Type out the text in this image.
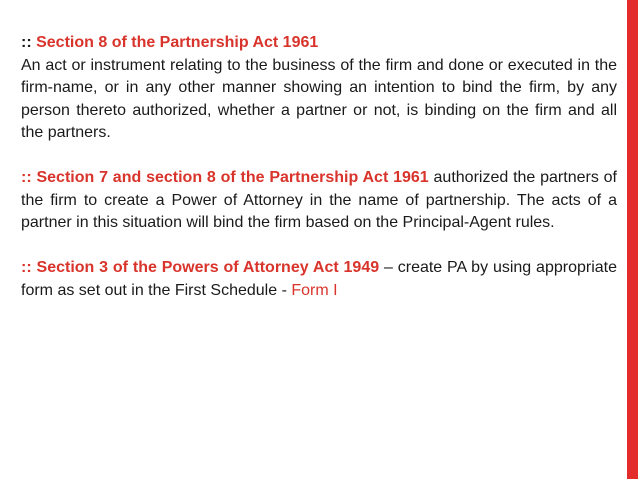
:: Section 8 of the Partnership Act 1961
An act or instrument relating to the business of the firm and done or executed in the firm-name, or in any other manner showing an intention to bind the firm, by any person thereto authorized, whether a partner or not, is binding on the firm and all the partners.

:: Section 7 and section 8 of the Partnership Act 1961 authorized the partners of the firm to create a Power of Attorney in the name of partnership. The acts of a partner in this situation will bind the firm based on the Principal-Agent rules.

:: Section 3 of the Powers of Attorney Act 1949 – create PA by using appropriate form as set out in the First Schedule - Form I
